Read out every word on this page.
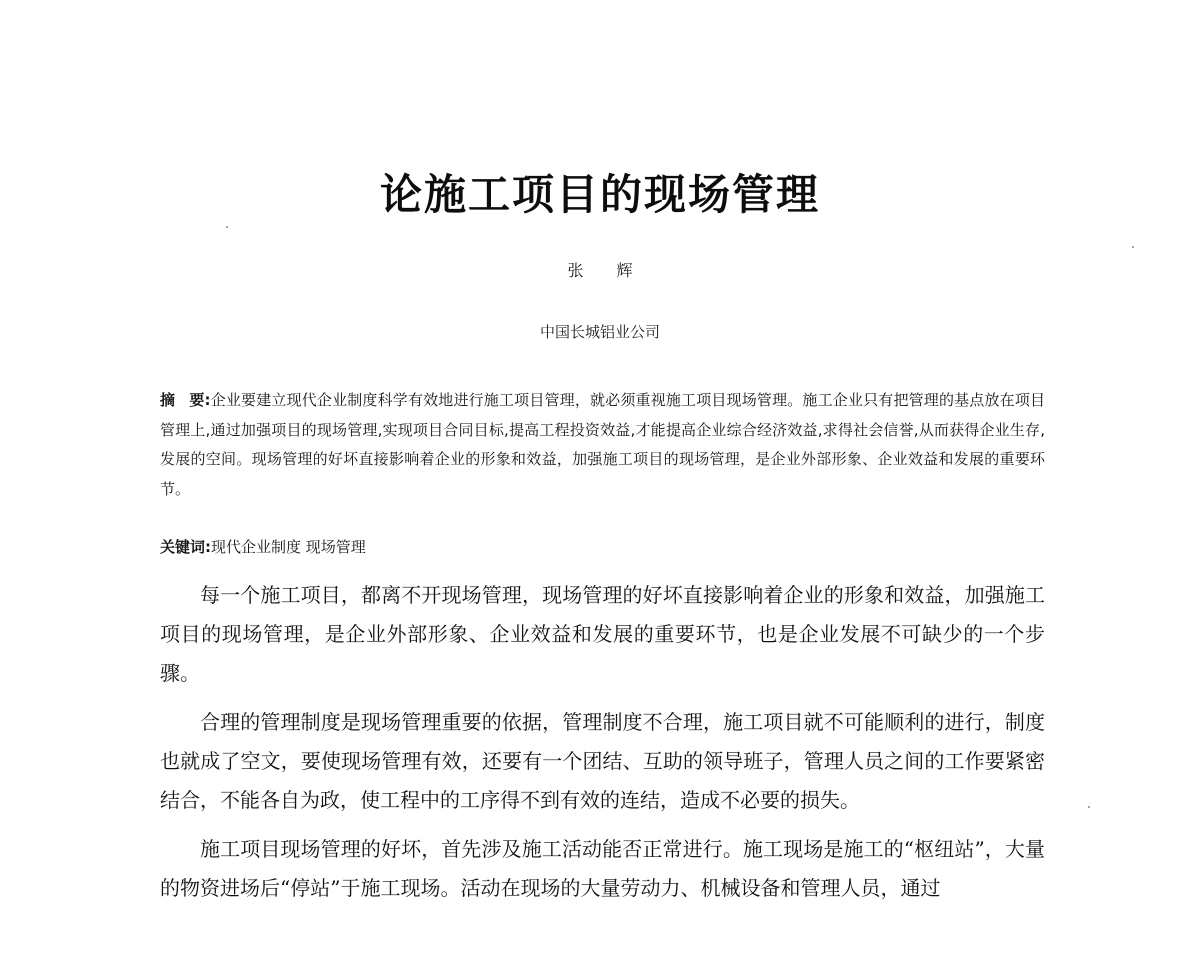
论施工项目的现场管理
张 辉
中国长城铝业公司
摘 要:企业要建立现代企业制度科学有效地进行施工项目管理，就必须重视施工项目现场管理。施工企业只有把管理的基点放在项目管理上,通过加强项目的现场管理,实现项目合同目标,提高工程投资效益,才能提高企业综合经济效益,求得社会信誉,从而获得企业生存,发展的空间。现场管理的好坏直接影响着企业的形象和效益，加强施工项目的现场管理，是企业外部形象、企业效益和发展的重要环节。
关键词:现代企业制度 现场管理

每一个施工项目，都离不开现场管理，现场管理的好坏直接影响着企业的形象和效益，加强施工项目的现场管理，是企业外部形象、企业效益和发展的重要环节，也是企业发展不可缺少的一个步骤。

合理的管理制度是现场管理重要的依据，管理制度不合理，施工项目就不可能顺利的进行，制度也就成了空文，要使现场管理有效，还要有一个团结、互助的领导班子，管理人员之间的工作要紧密结合，不能各自为政，使工程中的工序得不到有效的连结，造成不必要的损失。

施工项目现场管理的好坏，首先涉及施工活动能否正常进行。施工现场是施工的“枢纽站”，大量的物资进场后“停站”于施工现场。活动在现场的大量劳动力、机械设备和管理人员，通过
